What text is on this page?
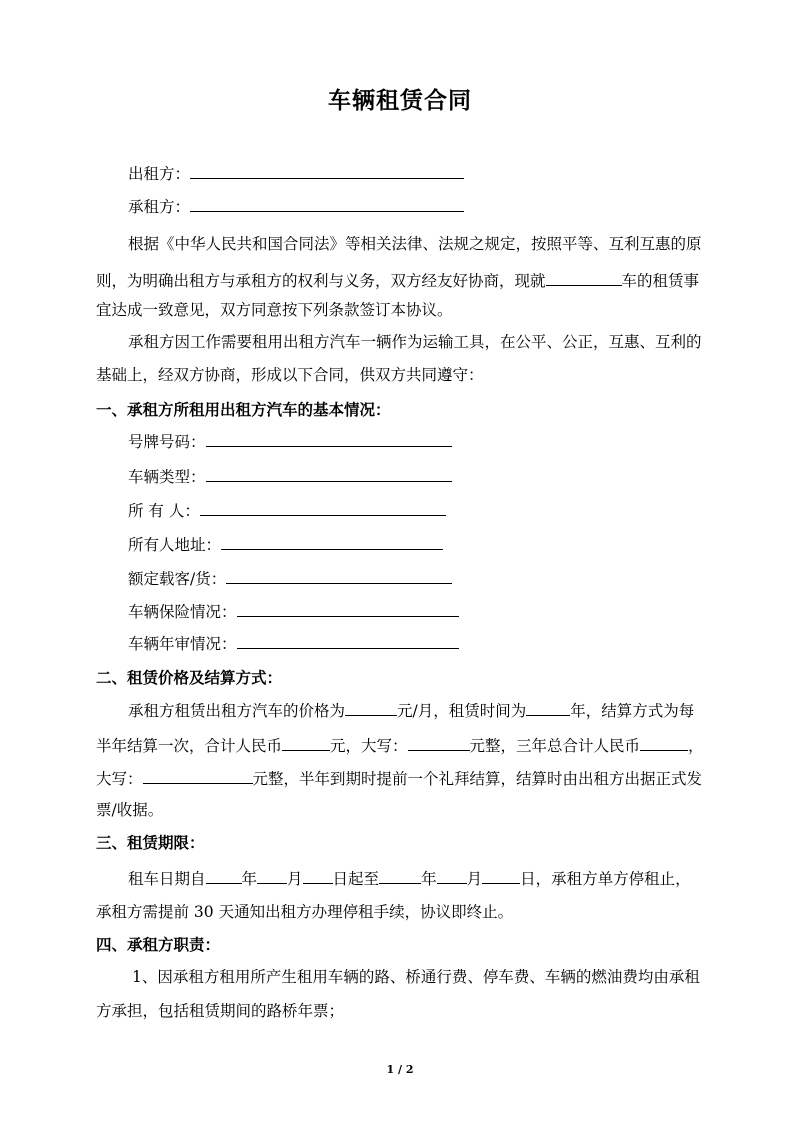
车辆租赁合同
出租方：
承租方：
根据《中华人民共和国合同法》等相关法律、法规之规定，按照平等、互利互惠的原
则，为明确出租方与承租方的权利与义务，双方经友好协商，现就	车的租赁事
宜达成一致意见，双方同意按下列条款签订本协议。
承租方因工作需要租用出租方汽车一辆作为运输工具，在公平、公正，互惠、互利的
基础上，经双方协商，形成以下合同，供双方共同遵守：
一、承租方所租用出租方汽车的基本情况：
号牌号码：
车辆类型：
所 有 人：
所有人地址：
额定载客/货：
车辆保险情况：
车辆年审情况：
二、租赁价格及结算方式：
承租方租赁出租方汽车的价格为	元/月，租赁时间为	年，结算方式为每
半年结算一次，合计人民币	元，大写：	元整，三年总合计人民币	，
大写：	元整，半年到期时提前一个礼拜结算，结算时由出租方出据正式发
票/收据。
三、租赁期限：
租车日期自 年 月 日起至	年 月 日，承租方单方停租止，
承租方需提前 30 天通知出租方办理停租手续，协议即终止。
四、承租方职责：
1、因承租方租用所产生租用车辆的路、桥通行费、停车费、车辆的燃油费均由承租
方承担，包括租赁期间的路桥年票；
1 / 2
